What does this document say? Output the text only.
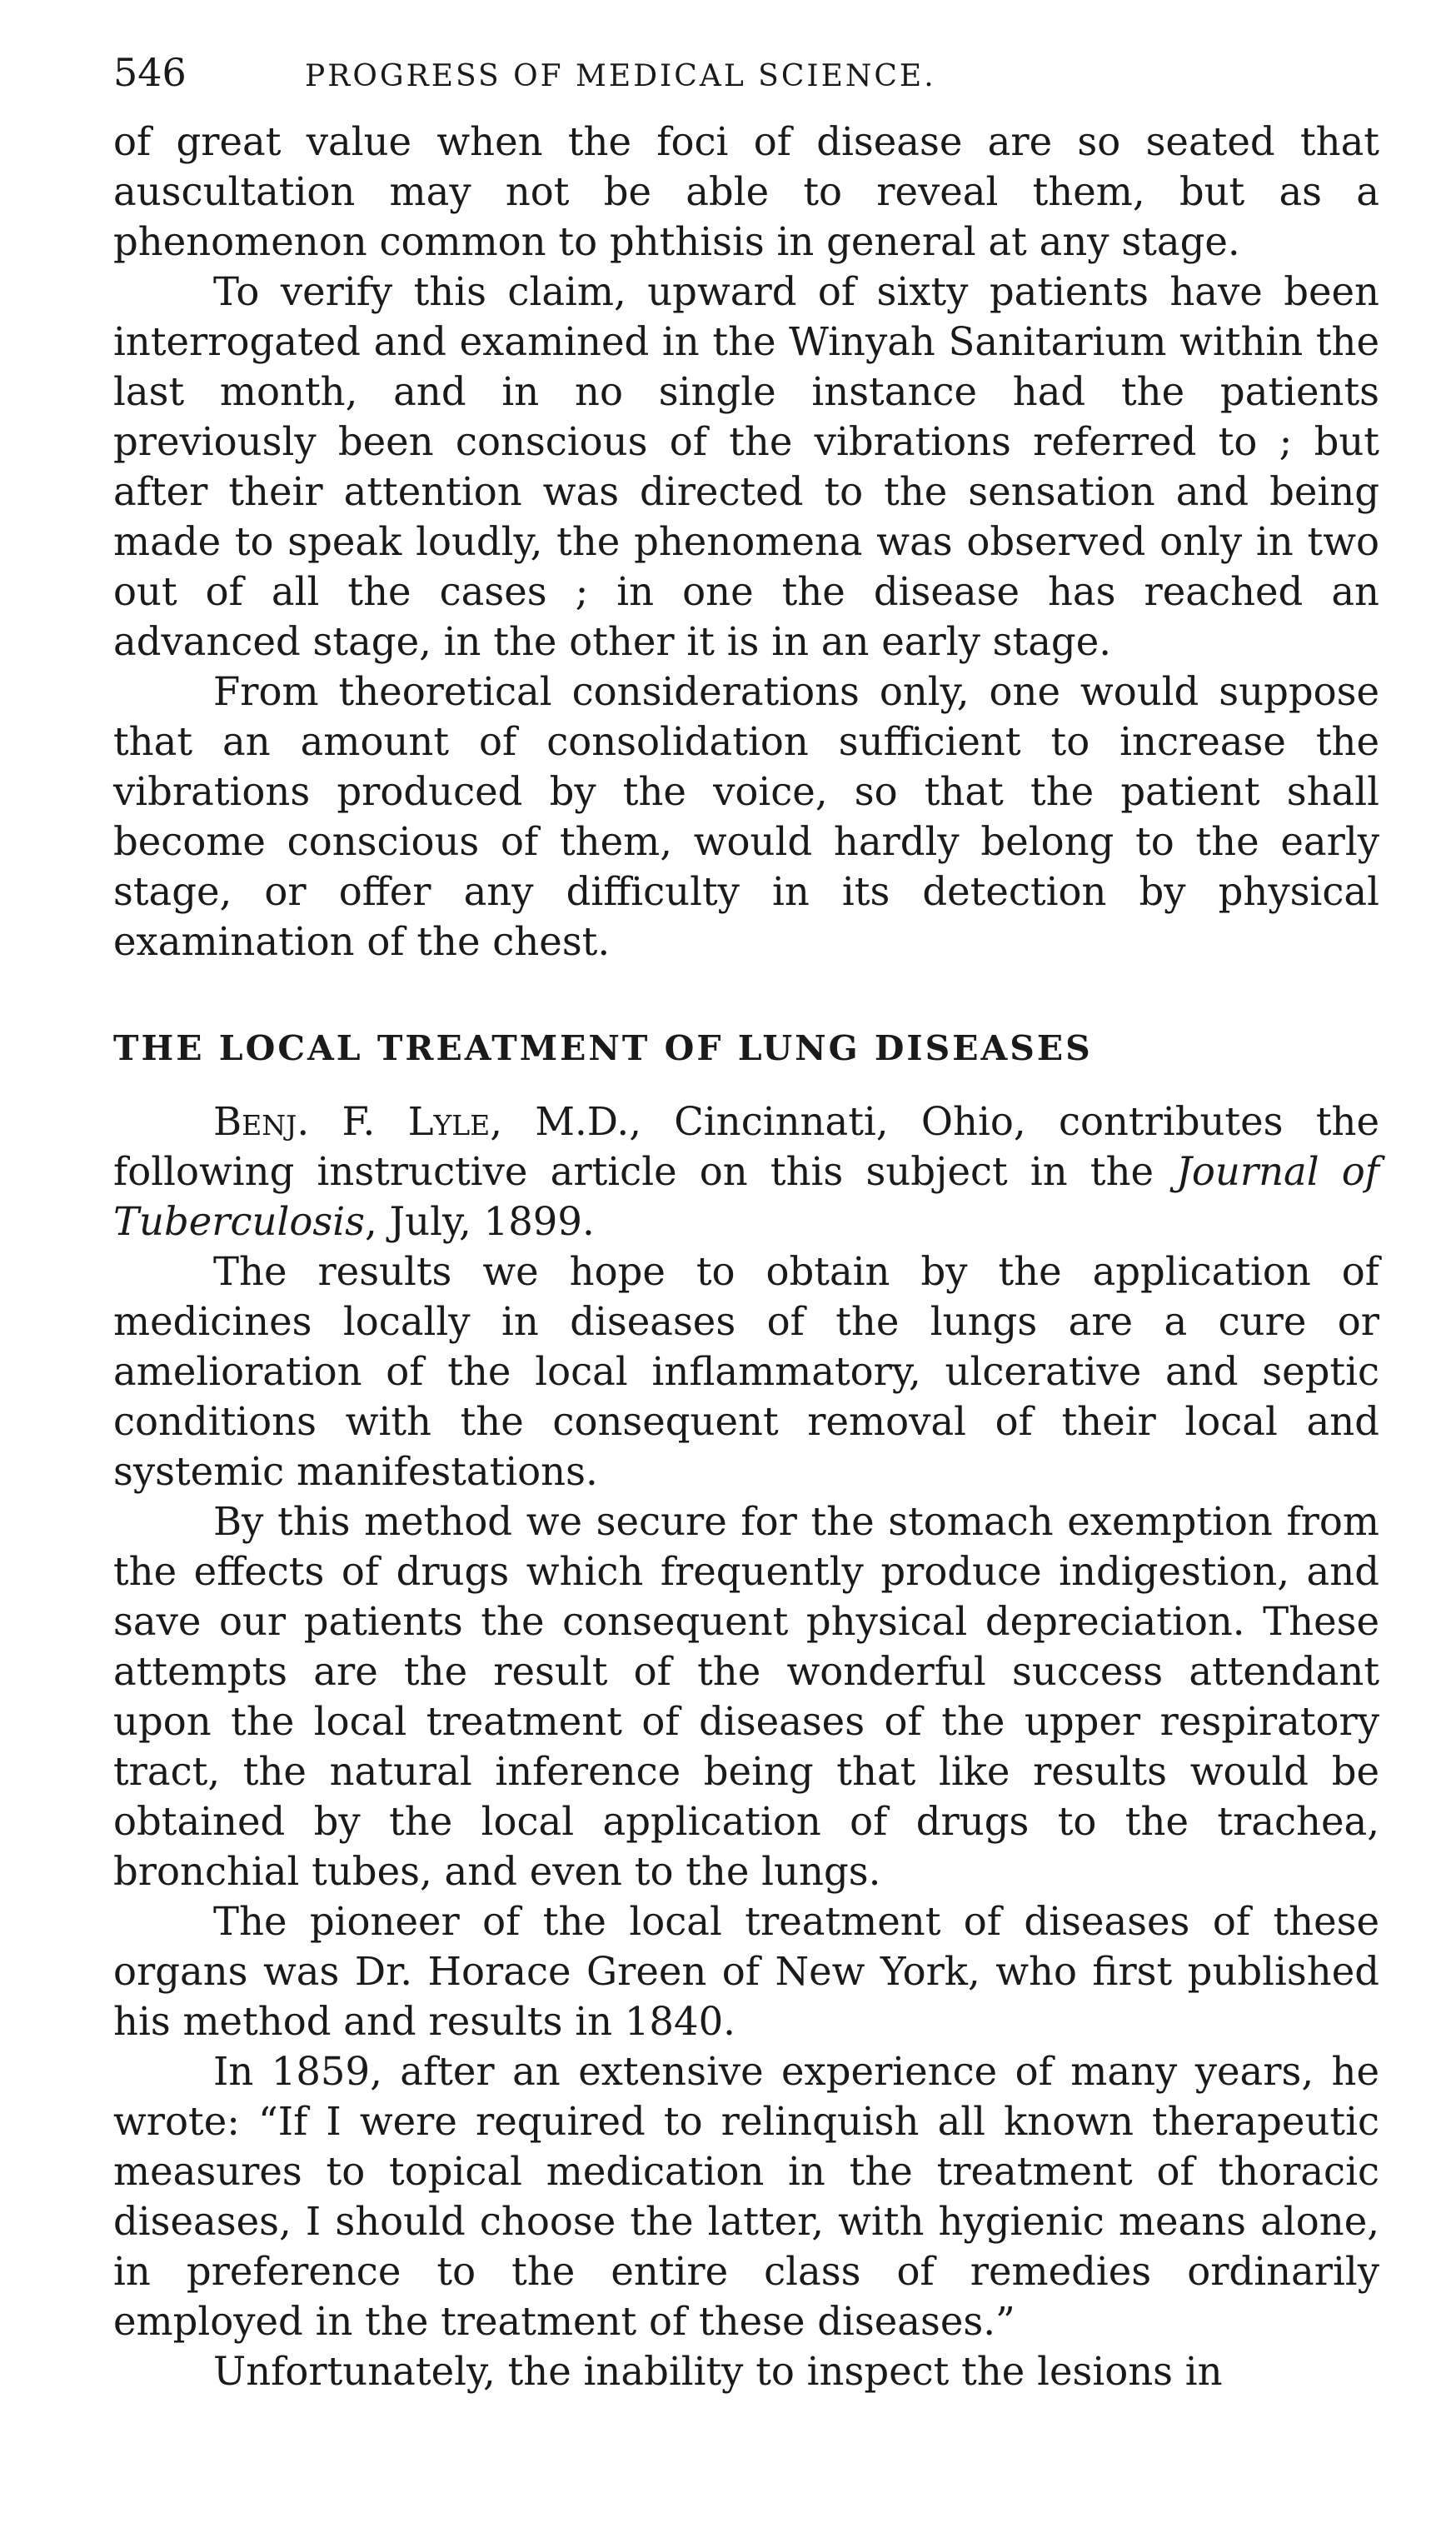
546	PROGRESS OF MEDICAL SCIENCE.

of great value when the foci of disease are so seated that auscultation may not be able to reveal them, but as a phenomenon common to phthisis in general at any stage.

To verify this claim, upward of sixty patients have been interrogated and examined in the Winyah Sanitarium within the last month, and in no single instance had the patients previously been conscious of the vibrations referred to ; but after their attention was directed to the sensation and being made to speak loudly, the phenomena was observed only in two out of all the cases ; in one the disease has reached an advanced stage, in the other it is in an early stage.

From theoretical considerations only, one would suppose that an amount of consolidation sufficient to increase the vibrations produced by the voice, so that the patient shall become conscious of them, would hardly belong to the early stage, or offer any difficulty in its detection by physical examination of the chest.

THE LOCAL TREATMENT OF LUNG DISEASES

Benj. F. Lyle, M.D., Cincinnati, Ohio, contributes the following instructive article on this subject in the Journal of Tuberculosis, July, 1899.

The results we hope to obtain by the application of medicines locally in diseases of the lungs are a cure or amelioration of the local inflammatory, ulcerative and septic conditions with the consequent removal of their local and systemic manifestations.

By this method we secure for the stomach exemption from the effects of drugs which frequently produce indigestion, and save our patients the consequent physical depreciation. These attempts are the result of the wonderful success attendant upon the local treatment of diseases of the upper respiratory tract, the natural inference being that like results would be obtained by the local application of drugs to the trachea, bronchial tubes, and even to the lungs.

The pioneer of the local treatment of diseases of these organs was Dr. Horace Green of New York, who first published his method and results in 1840.

In 1859, after an extensive experience of many years, he wrote: “If I were required to relinquish all known therapeutic measures to topical medication in the treatment of thoracic diseases, I should choose the latter, with hygienic means alone, in preference to the entire class of remedies ordinarily employed in the treatment of these diseases.”

Unfortunately, the inability to inspect the lesions in
